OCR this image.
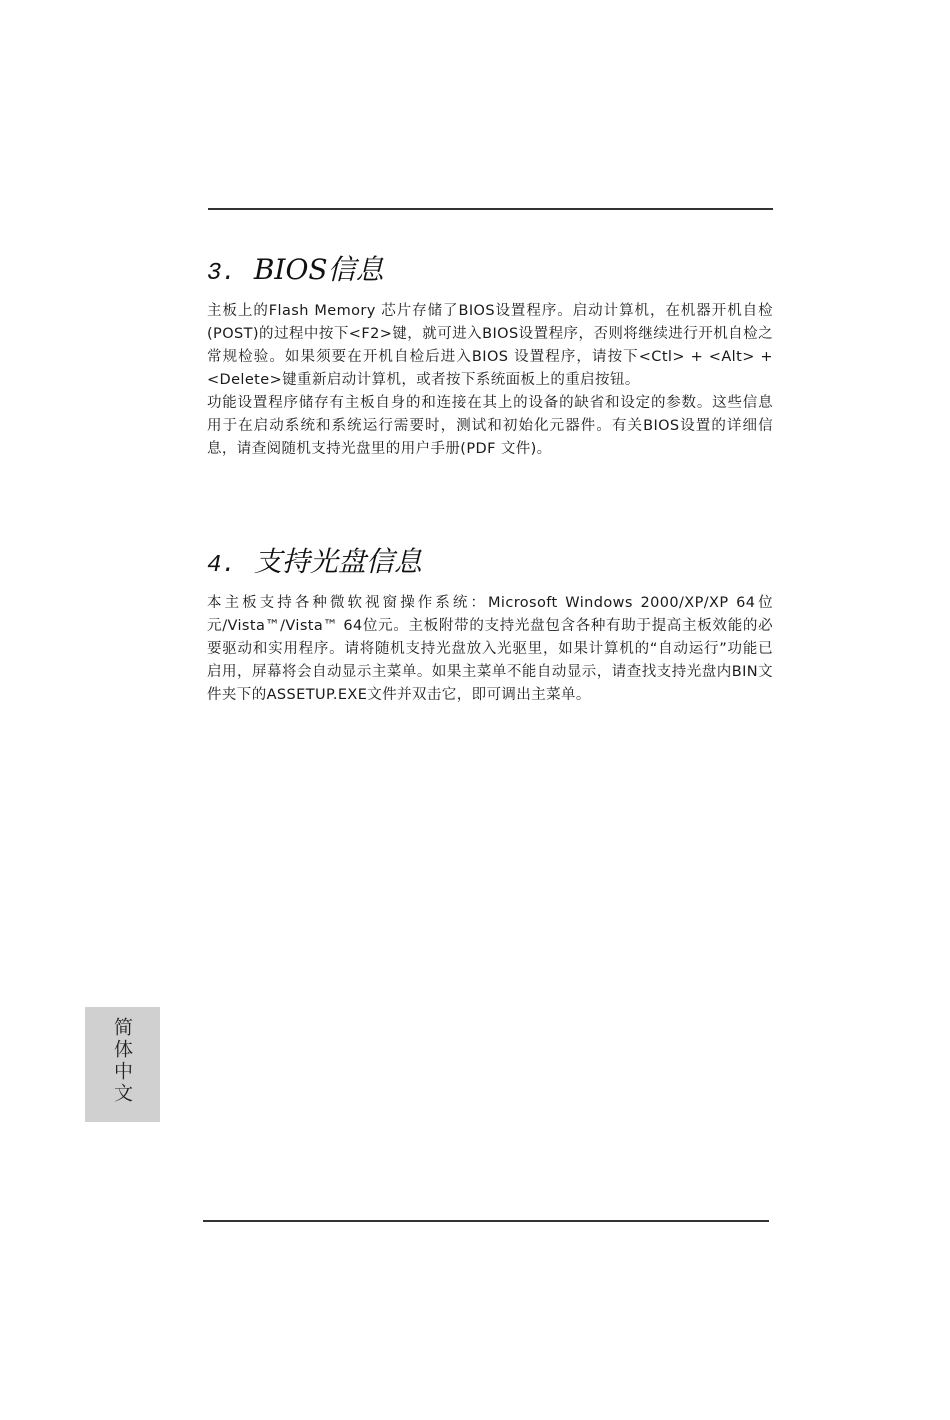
3. BIOS信息

主板上的Flash Memory 芯片存储了BIOS设置程序。启动计算机，在机器开机自检(POST)的过程中按下<F2>键，就可进入BIOS设置程序，否则将继续进行开机自检之常规检验。如果须要在开机自检后进入BIOS 设置程序，请按下<Ctl> + <Alt> + <Delete>键重新启动计算机，或者按下系统面板上的重启按钮。

功能设置程序储存有主板自身的和连接在其上的设备的缺省和设定的参数。这些信息用于在启动系统和系统运行需要时，测试和初始化元器件。有关BIOS设置的详细信息，请查阅随机支持光盘里的用户手册(PDF 文件)。

4. 支持光盘信息

本主板支持各种微软视窗操作系统：Microsoft Windows 2000/XP/XP 64位元/Vista™/Vista™ 64位元。主板附带的支持光盘包含各种有助于提高主板效能的必要驱动和实用程序。请将随机支持光盘放入光驱里，如果计算机的“自动运行”功能已启用，屏幕将会自动显示主菜单。如果主菜单不能自动显示，请查找支持光盘内BIN文件夹下的ASSETUP.EXE文件并双击它，即可调出主菜单。

简体中文
